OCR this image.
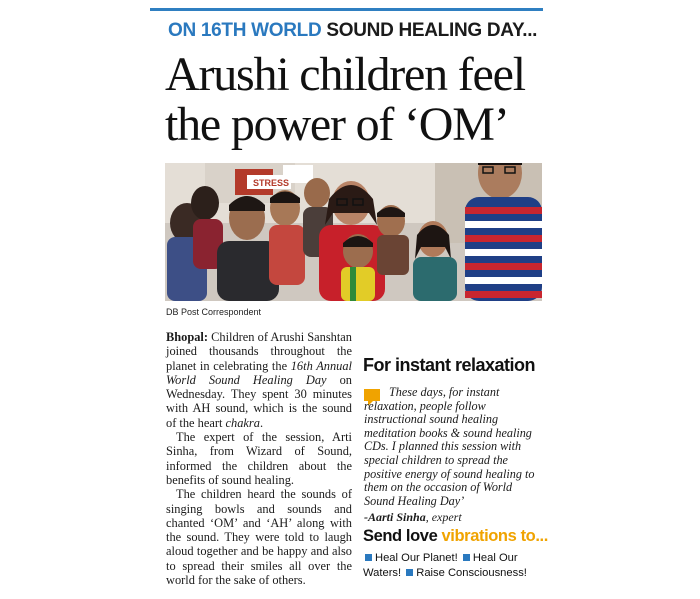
ON 16TH WORLD SOUND HEALING DAY...
Arushi children feel
the power of ‘OM’
STRESS
DB Post Correspondent

Bhopal: Children of Arushi Sanshtan joined thousands throughout the planet in celebrating the 16th Annual World Sound Healing Day on Wednesday. They spent 30 minutes with AH sound, which is the sound of the heart chakra.

The expert of the session, Arti Sinha, from Wizard of Sound, informed the children about the benefits of sound healing.

The children heard the sounds of singing bowls and sounds and chanted ‘OM’ and ‘AH’ along with the sound. They were told to laugh aloud together and be happy and also to spread their smiles all over the world for the sake of others.

For instant relaxation
These days, for instant
relaxation, people follow instructional sound healing meditation books & sound healing CDs. I planned this session with special children to spread the positive energy of sound healing to them on the occasion of World Sound Healing Day’
-Aarti Sinha, expert
Send love vibrations to...
Heal Our Planet! Heal Our Waters! Raise Consciousness!
